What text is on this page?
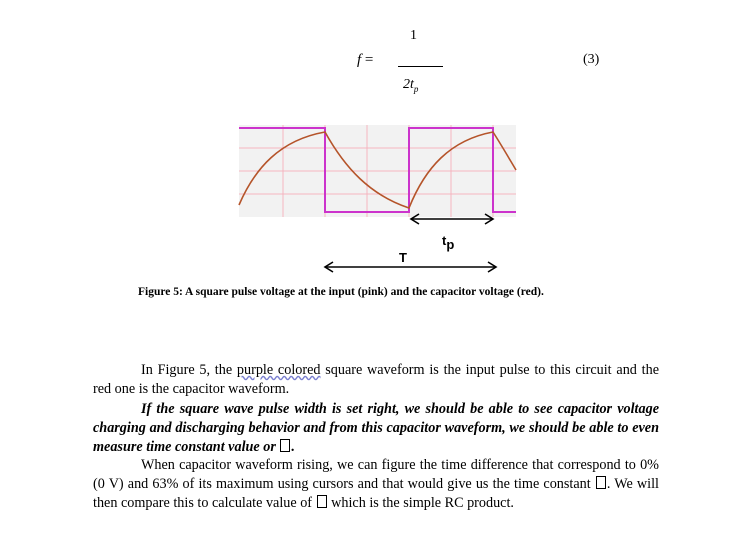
f =
1
$2t_p$
(3)
T
tp
Figure 5: A square pulse voltage at the input (pink) and the capacitor voltage (red).
In Figure 5, the purple colored square waveform is the input pulse to this circuit and the red one is the capacitor waveform.
If the square wave pulse width is set right, we should be able to see capacitor voltage charging and discharging behavior and from this capacitor waveform, we should be able to even measure time constant value or .
When capacitor waveform rising, we can figure the time difference that correspond to 0% (0 V) and 63% of its maximum using cursors and that would give us the time constant . We will then compare this to calculate value of  which is the simple RC product.
